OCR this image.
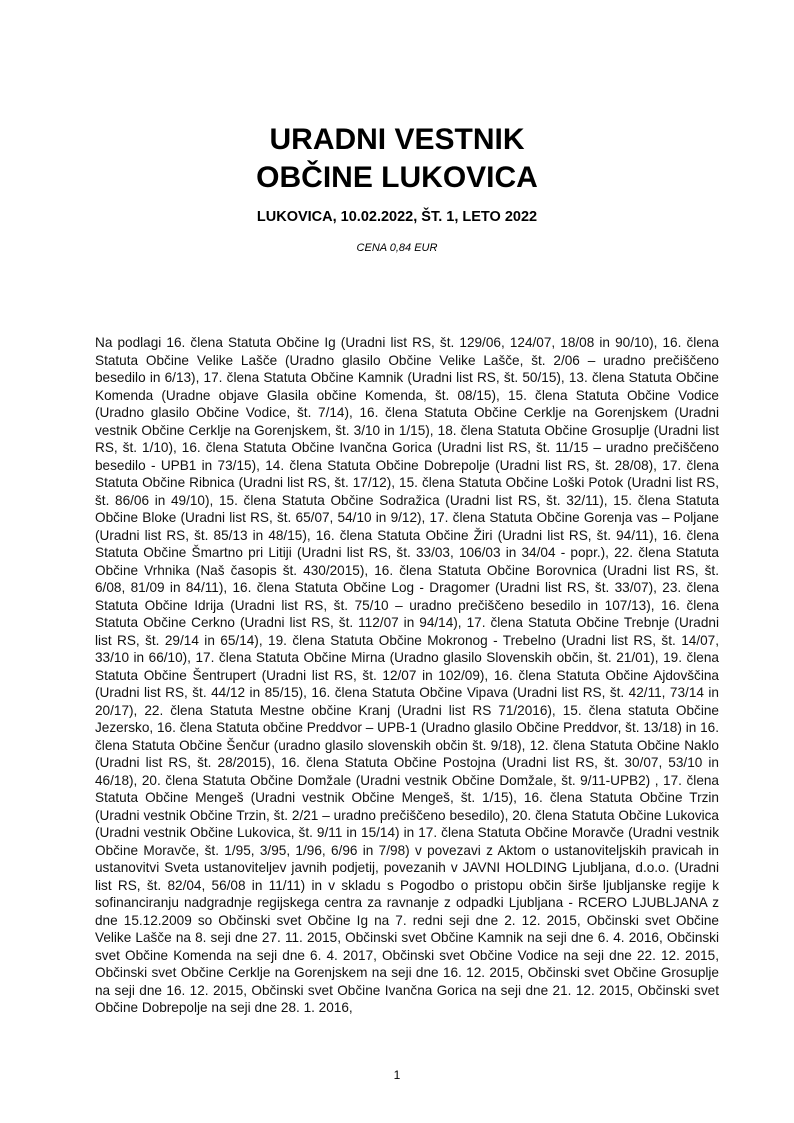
URADNI VESTNIK
OBČINE LUKOVICA
LUKOVICA, 10.02.2022, ŠT. 1, LETO 2022
CENA 0,84 EUR

Na podlagi 16. člena Statuta Občine Ig (Uradni list RS, št. 129/06, 124/07, 18/08 in 90/10), 16. člena Statuta Občine Velike Lašče (Uradno glasilo Občine Velike Lašče, št. 2/06 – uradno prečiščeno besedilo in 6/13), 17. člena Statuta Občine Kamnik (Uradni list RS, št. 50/15), 13. člena Statuta Občine Komenda (Uradne objave Glasila občine Komenda, št. 08/15), 15. člena Statuta Občine Vodice (Uradno glasilo Občine Vodice, št. 7/14), 16. člena Statuta Občine Cerklje na Gorenjskem (Uradni vestnik Občine Cerklje na Gorenjskem, št. 3/10 in 1/15), 18. člena Statuta Občine Grosuplje (Uradni list RS, št. 1/10), 16. člena Statuta Občine Ivančna Gorica (Uradni list RS, št. 11/15 – uradno prečiščeno besedilo - UPB1 in 73/15), 14. člena Statuta Občine Dobrepolje (Uradni list RS, št. 28/08), 17. člena Statuta Občine Ribnica (Uradni list RS, št. 17/12), 15. člena Statuta Občine Loški Potok (Uradni list RS, št. 86/06 in 49/10), 15. člena Statuta Občine Sodražica (Uradni list RS, št. 32/11), 15. člena Statuta Občine Bloke (Uradni list RS, št. 65/07, 54/10 in 9/12), 17. člena Statuta Občine Gorenja vas – Poljane (Uradni list RS, št. 85/13 in 48/15), 16. člena Statuta Občine Žiri (Uradni list RS, št. 94/11), 16. člena Statuta Občine Šmartno pri Litiji (Uradni list RS, št. 33/03, 106/03 in 34/04 - popr.), 22. člena Statuta Občine Vrhnika (Naš časopis št. 430/2015), 16. člena Statuta Občine Borovnica (Uradni list RS, št. 6/08, 81/09 in 84/11), 16. člena Statuta Občine Log - Dragomer (Uradni list RS, št. 33/07), 23. člena Statuta Občine Idrija (Uradni list RS, št. 75/10 – uradno prečiščeno besedilo in 107/13), 16. člena Statuta Občine Cerkno (Uradni list RS, št. 112/07 in 94/14), 17. člena Statuta Občine Trebnje (Uradni list RS, št. 29/14 in 65/14), 19. člena Statuta Občine Mokronog - Trebelno (Uradni list RS, št. 14/07, 33/10 in 66/10), 17. člena Statuta Občine Mirna (Uradno glasilo Slovenskih občin, št. 21/01), 19. člena Statuta Občine Šentrupert (Uradni list RS, št. 12/07 in 102/09), 16. člena Statuta Občine Ajdovščina (Uradni list RS, št. 44/12 in 85/15), 16. člena Statuta Občine Vipava (Uradni list RS, št. 42/11, 73/14 in 20/17), 22. člena Statuta Mestne občine Kranj (Uradni list RS 71/2016), 15. člena statuta Občine Jezersko, 16. člena Statuta občine Preddvor – UPB-1 (Uradno glasilo Občine Preddvor, št. 13/18) in 16. člena Statuta Občine Šenčur (uradno glasilo slovenskih občin št. 9/18), 12. člena Statuta Občine Naklo (Uradni list RS, št. 28/2015), 16. člena Statuta Občine Postojna (Uradni list RS, št. 30/07, 53/10 in 46/18), 20. člena Statuta Občine Domžale (Uradni vestnik Občine Domžale, št. 9/11-UPB2) , 17. člena Statuta Občine Mengeš (Uradni vestnik Občine Mengeš, št. 1/15), 16. člena Statuta Občine Trzin (Uradni vestnik Občine Trzin, št. 2/21 – uradno prečiščeno besedilo), 20. člena Statuta Občine Lukovica (Uradni vestnik Občine Lukovica, št. 9/11 in 15/14) in 17. člena Statuta Občine Moravče (Uradni vestnik Občine Moravče, št. 1/95, 3/95, 1/96, 6/96 in 7/98) v povezavi z Aktom o ustanoviteljskih pravicah in ustanovitvi Sveta ustanoviteljev javnih podjetij, povezanih v JAVNI HOLDING Ljubljana, d.o.o. (Uradni list RS, št. 82/04, 56/08 in 11/11) in v skladu s Pogodbo o pristopu občin širše ljubljanske regije k sofinanciranju nadgradnje regijskega centra za ravnanje z odpadki Ljubljana - RCERO LJUBLJANA z dne 15.12.2009 so Občinski svet Občine Ig na 7. redni seji dne 2. 12. 2015, Občinski svet Občine Velike Lašče na 8. seji dne 27. 11. 2015, Občinski svet Občine Kamnik na seji dne 6. 4. 2016, Občinski svet Občine Komenda na seji dne 6. 4. 2017, Občinski svet Občine Vodice na seji dne 22. 12. 2015, Občinski svet Občine Cerklje na Gorenjskem na seji dne 16. 12. 2015, Občinski svet Občine Grosuplje na seji dne 16. 12. 2015, Občinski svet Občine Ivančna Gorica na seji dne 21. 12. 2015, Občinski svet Občine Dobrepolje na seji dne 28. 1. 2016,

1
